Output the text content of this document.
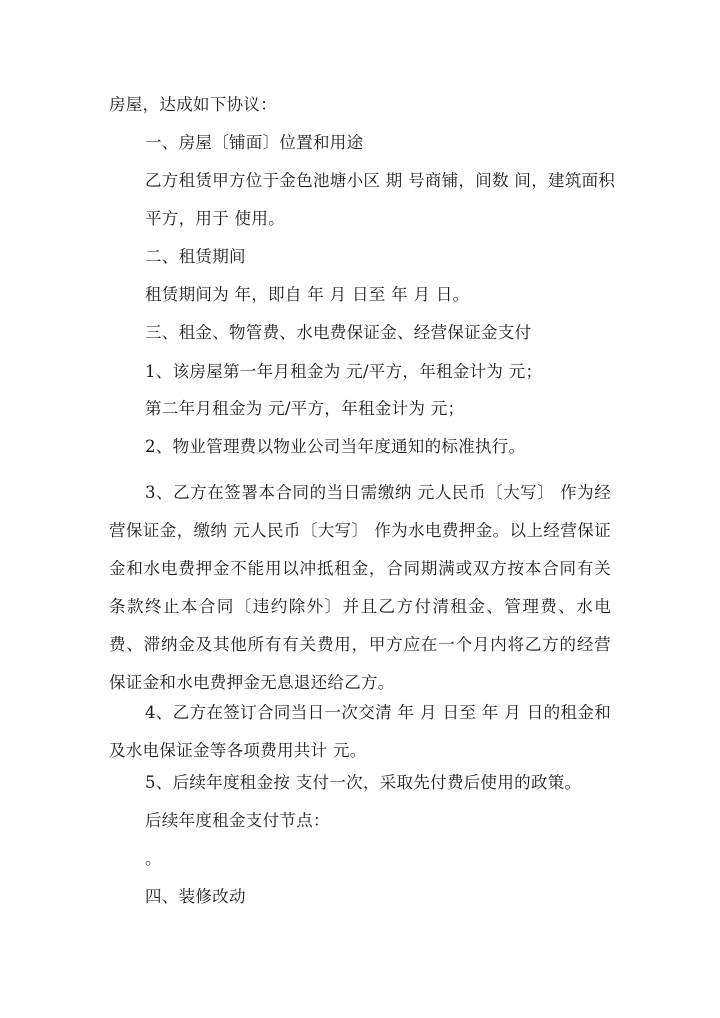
房屋，达成如下协议：
一、房屋〔铺面〕位置和用途
乙方租赁甲方位于金色池塘小区 期 号商铺，间数 间，建筑面积
平方，用于 使用。
二、租赁期间
租赁期间为 年，即自 年 月 日至 年 月 日。
三、租金、物管费、水电费保证金、经营保证金支付
1、该房屋第一年月租金为 元/平方，年租金计为 元；
第二年月租金为 元/平方，年租金计为 元；
2、物业管理费以物业公司当年度通知的标准执行。

3、乙方在签署本合同的当日需缴纳 元人民币〔大写〕 作为经营保证金，缴纳 元人民币〔大写〕 作为水电费押金。以上经营保证金和水电费押金不能用以冲抵租金，合同期满或双方按本合同有关条款终止本合同〔违约除外〕并且乙方付清租金、管理费、水电费、滞纳金及其他所有有关费用，甲方应在一个月内将乙方的经营保证金和水电费押金无息退还给乙方。

4、乙方在签订合同当日一次交清 年 月 日至 年 月 日的租金和及水电保证金等各项费用共计 元。

5、后续年度租金按 支付一次，采取先付费后使用的政策。
后续年度租金支付节点：
。
四、装修改动
